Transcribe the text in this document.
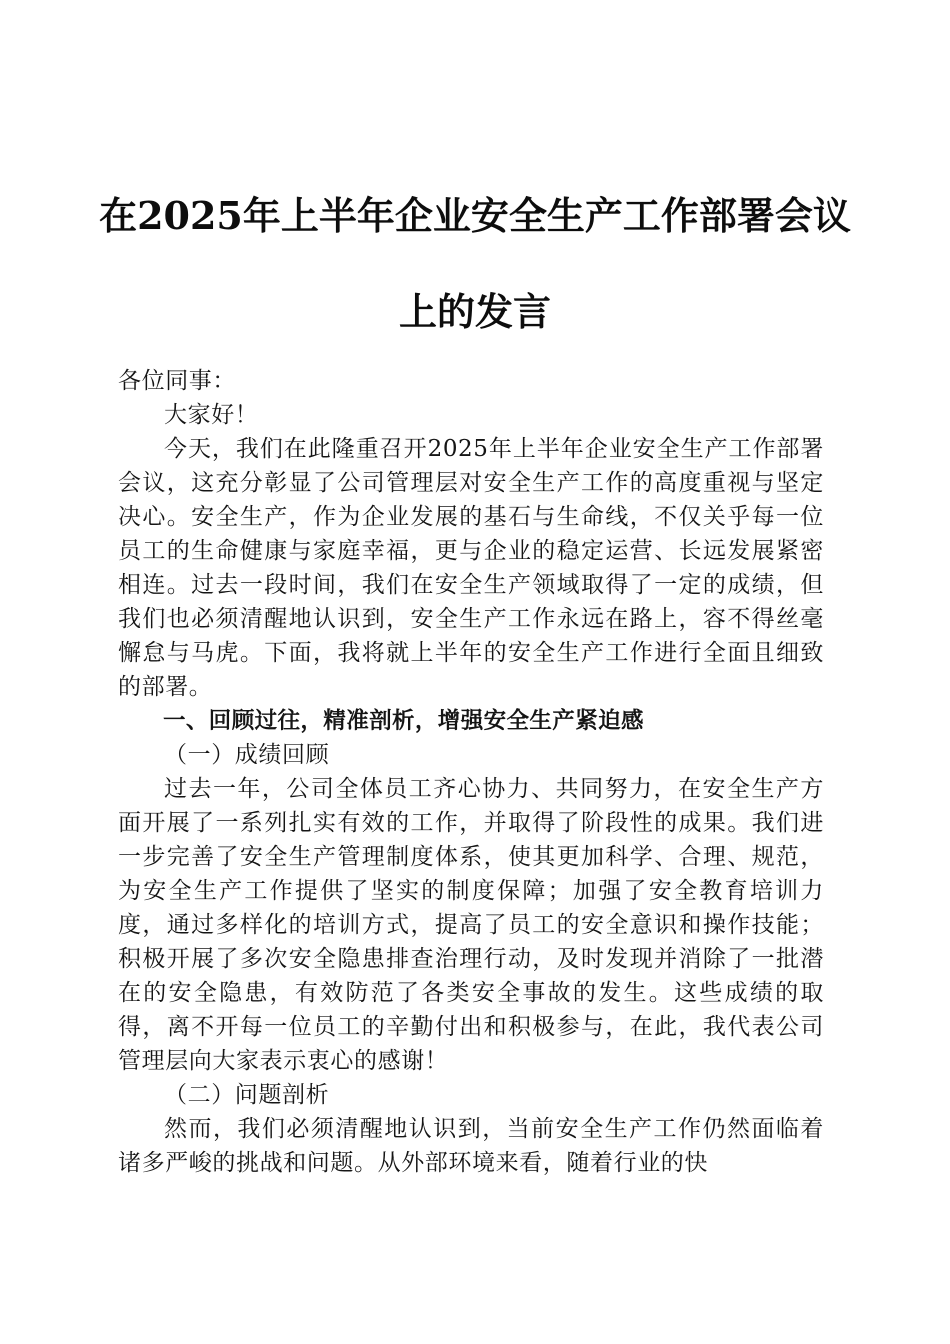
在2025年上半年企业安全生产工作部署会议
上的发言

各位同事：

大家好！

今天，我们在此隆重召开2025年上半年企业安全生产工作部署会议，这充分彰显了公司管理层对安全生产工作的高度重视与坚定决心。安全生产，作为企业发展的基石与生命线，不仅关乎每一位员工的生命健康与家庭幸福，更与企业的稳定运营、长远发展紧密相连。过去一段时间，我们在安全生产领域取得了一定的成绩，但我们也必须清醒地认识到，安全生产工作永远在路上，容不得丝毫懈怠与马虎。下面，我将就上半年的安全生产工作进行全面且细致的部署。

一、回顾过往，精准剖析，增强安全生产紧迫感

（一）成绩回顾

过去一年，公司全体员工齐心协力、共同努力，在安全生产方面开展了一系列扎实有效的工作，并取得了阶段性的成果。我们进一步完善了安全生产管理制度体系，使其更加科学、合理、规范，为安全生产工作提供了坚实的制度保障；加强了安全教育培训力度，通过多样化的培训方式，提高了员工的安全意识和操作技能；积极开展了多次安全隐患排查治理行动，及时发现并消除了一批潜在的安全隐患，有效防范了各类安全事故的发生。这些成绩的取得，离不开每一位员工的辛勤付出和积极参与，在此，我代表公司管理层向大家表示衷心的感谢！

（二）问题剖析

然而，我们必须清醒地认识到，当前安全生产工作仍然面临着诸多严峻的挑战和问题。从外部环境来看，随着行业的快
